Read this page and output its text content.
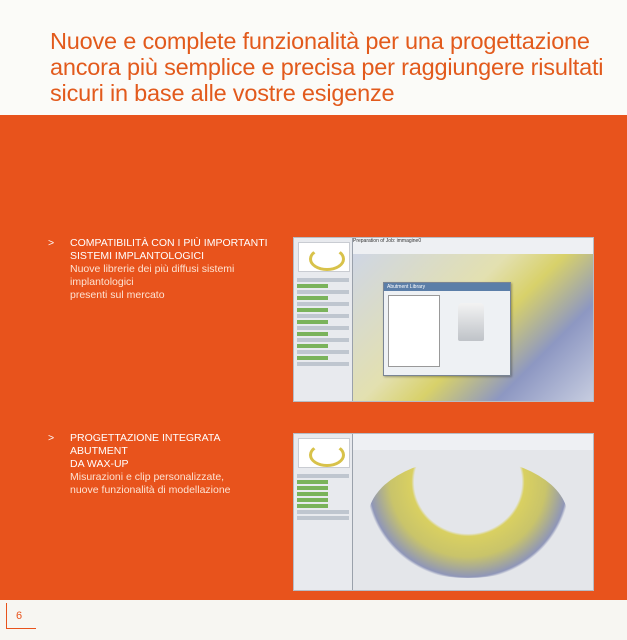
Nuove e complete funzionalità per una progettazione ancora più semplice e precisa per raggiungere risultati sicuri in base alle vostre esigenze
> COMPATIBILITÀ CON I PIÙ IMPORTANTI
SISTEMI IMPLANTOLOGICI
Nuove librerie dei più diffusi sistemi implantologici
presenti sul mercato
> PROGETTAZIONE INTEGRATA ABUTMENT
DA WAX-UP
Misurazioni e clip personalizzate,
nuove funzionalità di modellazione
Preparation of Job: immagine0
Abutment Library
6
